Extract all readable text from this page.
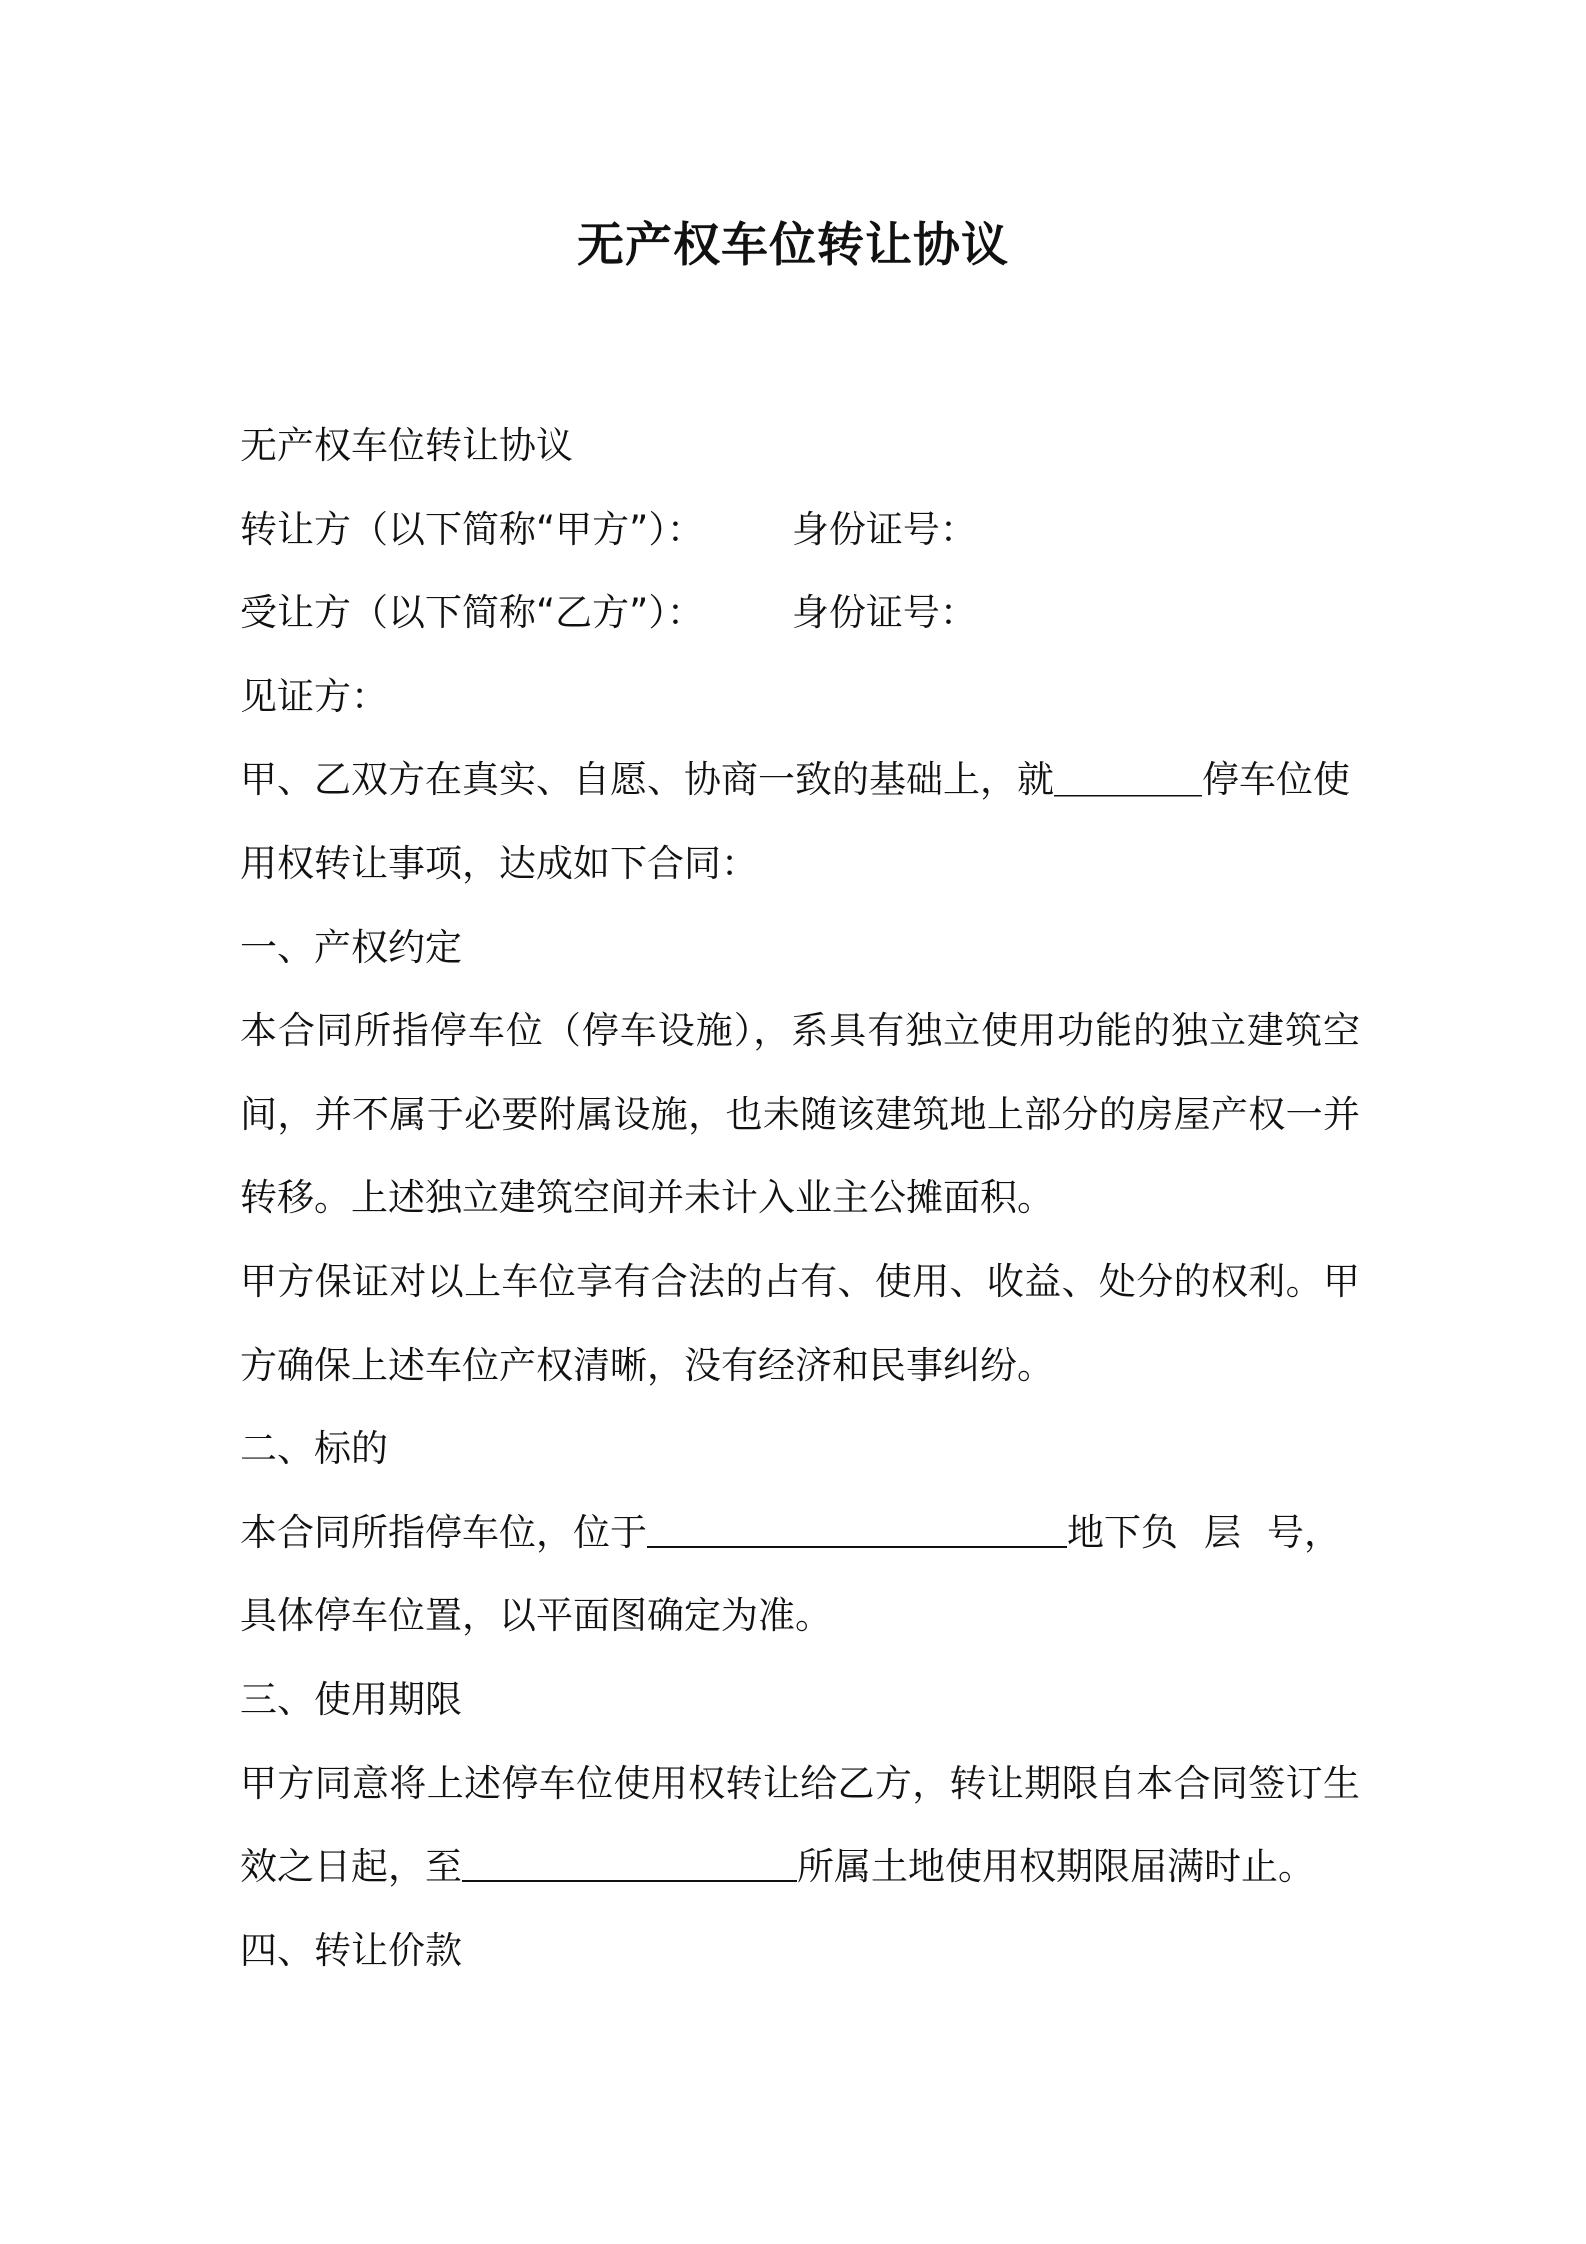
无产权车位转让协议
无产权车位转让协议
转让方（以下简称“甲方”）： 身份证号：
受让方（以下简称“乙方”）： 身份证号：
见证方：
甲、乙双方在真实、自愿、协商一致的基础上，就＿＿＿＿停车位使
用权转让事项，达成如下合同：
一、产权约定
本合同所指停车位（停车设施），系具有独立使用功能的独立建筑空
间，并不属于必要附属设施，也未随该建筑地上部分的房屋产权一并
转移。上述独立建筑空间并未计入业主公摊面积。
甲方保证对以上车位享有合法的占有、使用、收益、处分的权利。甲
方确保上述车位产权清晰，没有经济和民事纠纷。
二、标的
本合同所指停车位，位于	地下负 层 号，
具体停车位置，以平面图确定为准。
三、使用期限
甲方同意将上述停车位使用权转让给乙方，转让期限自本合同签订生
效之日起，至	所属土地使用权期限届满时止。
四、转让价款
